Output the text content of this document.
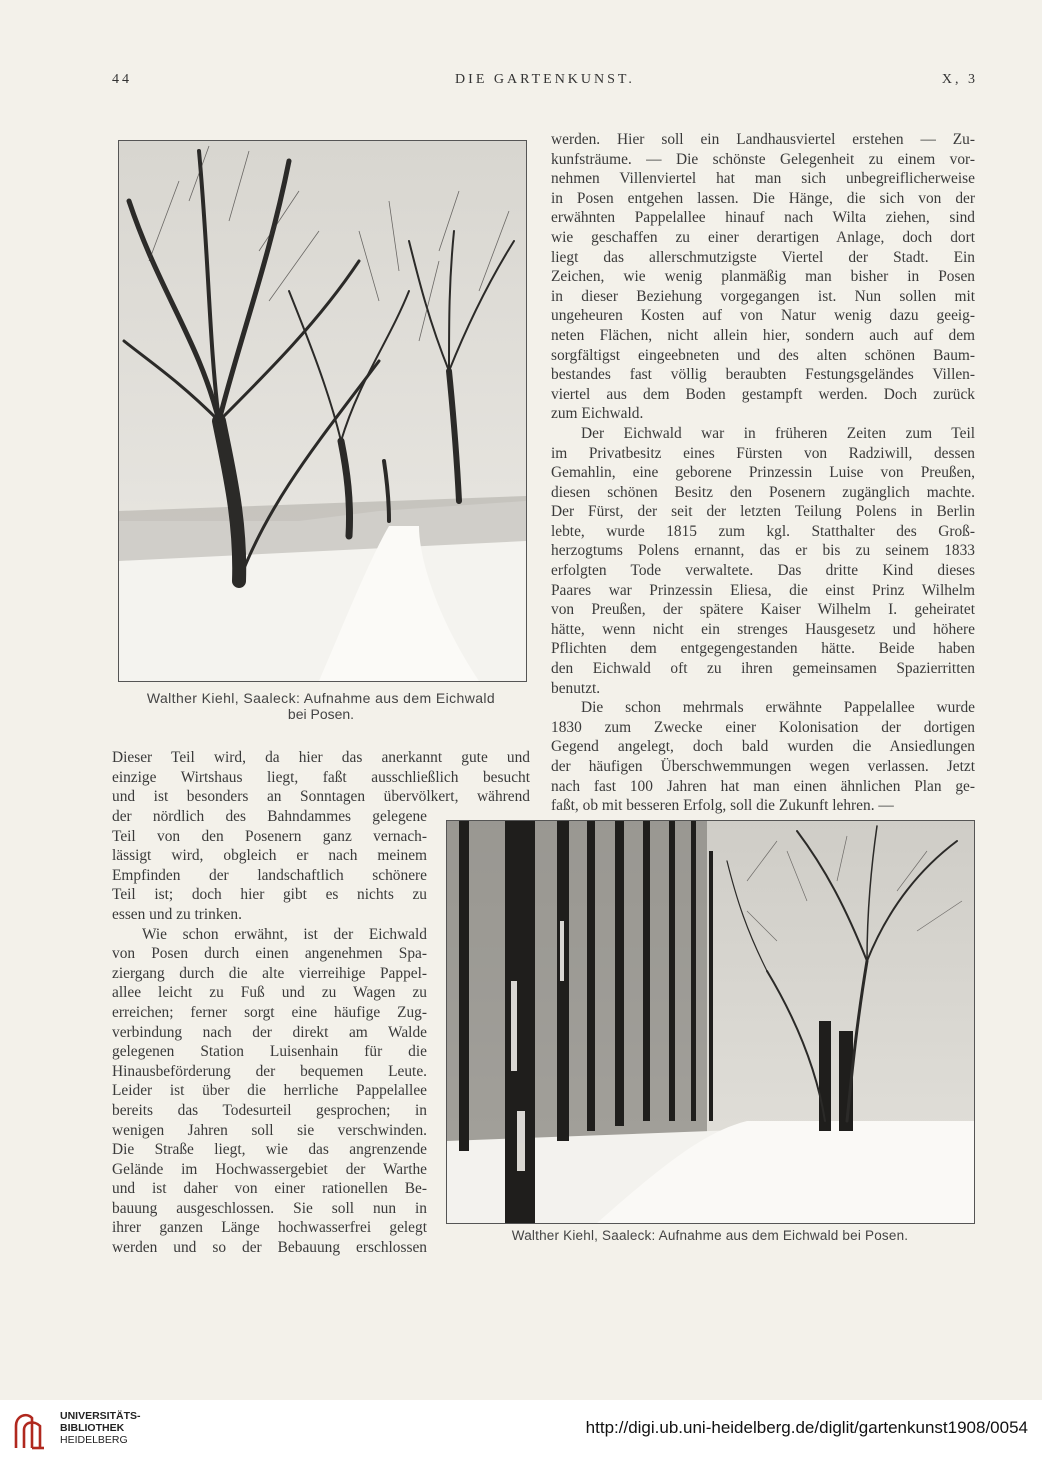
44	DIE GARTENKUNST.	X, 3
Walther Kiehl, Saaleck: Aufnahme aus dem Eichwald
bei Posen.

werden. Hier soll ein Landhausviertel erstehen — Zu-
kunfsträume. — Die schönste Gelegenheit zu einem vor-
nehmen Villenviertel hat man sich unbegreiflicherweise
in Posen entgehen lassen. Die Hänge, die sich von der
erwähnten Pappelallee hinauf nach Wilta ziehen, sind
wie geschaffen zu einer derartigen Anlage, doch dort
liegt das allerschmutzigste Viertel der Stadt. Ein
Zeichen, wie wenig planmäßig man bisher in Posen
in dieser Beziehung vorgegangen ist. Nun sollen mit
ungeheuren Kosten auf von Natur wenig dazu geeig-
neten Flächen, nicht allein hier, sondern auch auf dem
sorgfältigst eingeebneten und des alten schönen Baum-
bestandes fast völlig beraubten Festungsgeländes Villen-
viertel aus dem Boden gestampft werden. Doch zurück
zum Eichwald.

Der Eichwald war in früheren Zeiten zum Teil
im Privatbesitz eines Fürsten von Radziwill, dessen
Gemahlin, eine geborene Prinzessin Luise von Preußen,
diesen schönen Besitz den Posenern zugänglich machte.
Der Fürst, der seit der letzten Teilung Polens in Berlin
lebte, wurde 1815 zum kgl. Statthalter des Groß-
herzogtums Polens ernannt, das er bis zu seinem 1833
erfolgten Tode verwaltete. Das dritte Kind dieses
Paares war Prinzessin Eliesa, die einst Prinz Wilhelm
von Preußen, der spätere Kaiser Wilhelm I. geheiratet
hätte, wenn nicht ein strenges Hausgesetz und höhere
Pflichten dem entgegengestanden hätte. Beide haben
den Eichwald oft zu ihren gemeinsamen Spazierritten
benutzt.

Die schon mehrmals erwähnte Pappelallee wurde
1830 zum Zwecke einer Kolonisation der dortigen
Gegend angelegt, doch bald wurden die Ansiedlungen
der häufigen Überschwemmungen wegen verlassen. Jetzt
nach fast 100 Jahren hat man einen ähnlichen Plan ge-
faßt, ob mit besseren Erfolg, soll die Zukunft lehren. —

Dieser Teil wird, da hier das anerkannt gute und
einzige Wirtshaus liegt, faßt ausschließlich besucht
und ist besonders an Sonntagen übervölkert, während

der nördlich des Bahndammes gelegene
Teil von den Posenern ganz vernach-
lässigt wird, obgleich er nach meinem
Empfinden der landschaftlich schönere
Teil ist; doch hier gibt es nichts zu
essen und zu trinken.

Wie schon erwähnt, ist der Eichwald
von Posen durch einen angenehmen Spa-
ziergang durch die alte vierreihige Pappel-
allee leicht zu Fuß und zu Wagen zu
erreichen; ferner sorgt eine häufige Zug-
verbindung nach der direkt am Walde
gelegenen Station Luisenhain für die
Hinausbeförderung der bequemen Leute.
Leider ist über die herrliche Pappelallee
bereits das Todesurteil gesprochen; in
wenigen Jahren soll sie verschwinden.
Die Straße liegt, wie das angrenzende
Gelände im Hochwassergebiet der Warthe
und ist daher von einer rationellen Be-
bauung ausgeschlossen. Sie soll nun in
ihrer ganzen Länge hochwasserfrei gelegt
werden und so der Bebauung erschlossen

Walther Kiehl, Saaleck: Aufnahme aus dem Eichwald bei Posen.
UNIVERSITÄTS-
BIBLIOTHEK
HEIDELBERG
http://digi.ub.uni-heidelberg.de/diglit/gartenkunst1908/0054
